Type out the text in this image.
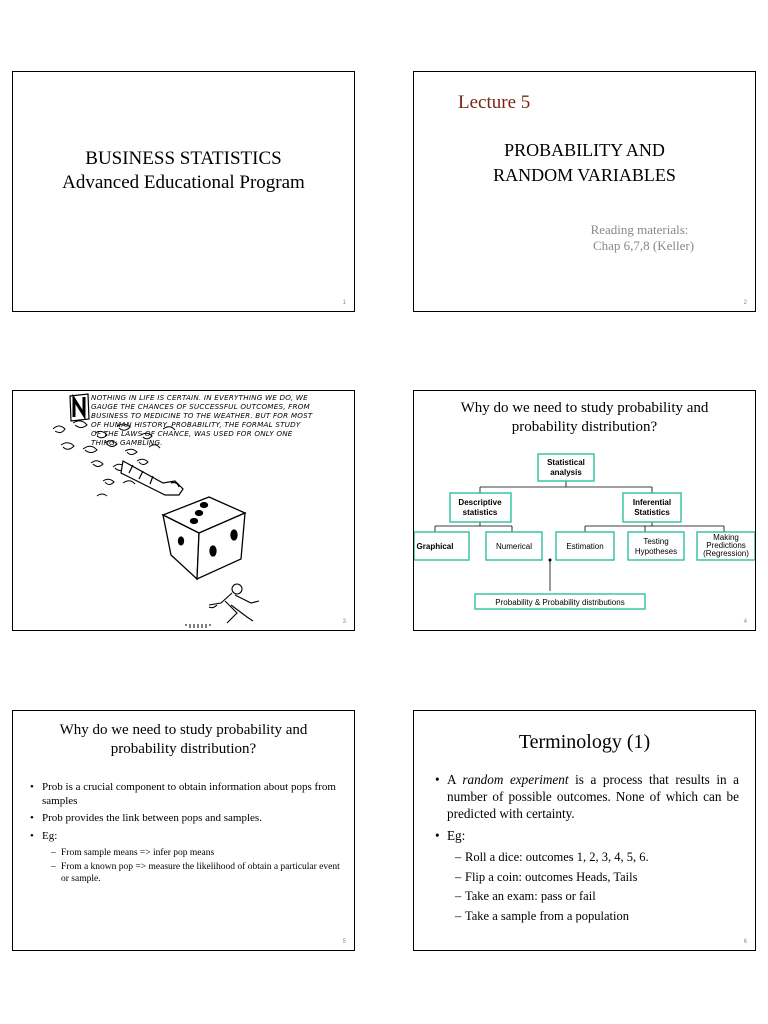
BUSINESS STATISTICS
Advanced Educational Program
1
Lecture 5
PROBABILITY AND
RANDOM VARIABLES
Reading materials:
Chap 6,7,8 (Keller)
2
NOTHING IN LIFE IS CERTAIN. IN EVERYTHING WE DO, WE GAUGE THE CHANCES OF SUCCESSFUL OUTCOMES, FROM BUSINESS TO MEDICINE TO THE WEATHER. BUT FOR MOST OF HUMAN HISTORY, PROBABILITY, THE FORMAL STUDY OF THE LAWS OF CHANCE, WAS USED FOR ONLY ONE THING: GAMBLING.
3
Why do we need to study probability and
probability distribution?
Statistical
analysis
Descriptive
statistics
Inferential
Statistics
Graphical	Numerical	Estimation
Testing
Hypotheses
Making
Predictions
(Regression)
Probability & Probability distributions
4
Why do we need to study probability and
probability distribution?
• Prob is a crucial component to obtain information about pops from samples
• Prob provides the link between pops and samples.
• Eg:
– From sample means => infer pop means
– From a known pop => measure the likelihood of obtain a particular event or sample.
5
Terminology (1)
• A random experiment is a process that results in a number of possible outcomes. None of which can be predicted with certainty.
• Eg:
– Roll a dice: outcomes 1, 2, 3, 4, 5, 6.
– Flip a coin: outcomes Heads, Tails
– Take an exam: pass or fail
– Take a sample from a population
6
